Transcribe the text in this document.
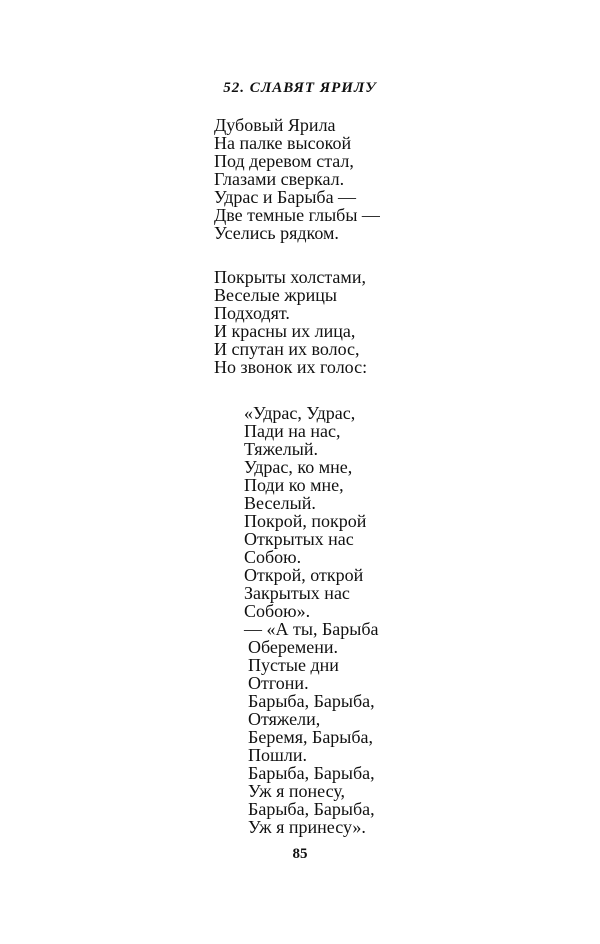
52. СЛАВЯТ ЯРИЛУ
Дубовый Ярила
На палке высокой
Под деревом стал,
Глазами сверкал.
Удрас и Барыба —
Две темные глыбы —
Уселись рядком.
Покрыты холстами,
Веселые жрицы
Подходят.
И красны их лица,
И спутан их волос,
Но звонок их голос:
«Удрас, Удрас,
Пади на нас,
Тяжелый.
Удрас, ко мне,
Поди ко мне,
Веселый.
Покрой, покрой
Открытых нас
Собою.
Открой, открой
Закрытых нас
Собою».
— «А ты, Барыба
Оберемени.
Пустые дни
Отгони.
Барыба, Барыба,
Отяжели,
Беремя, Барыба,
Пошли.
Барыба, Барыба,
Уж я понесу,
Барыба, Барыба,
Уж я принесу».
85
